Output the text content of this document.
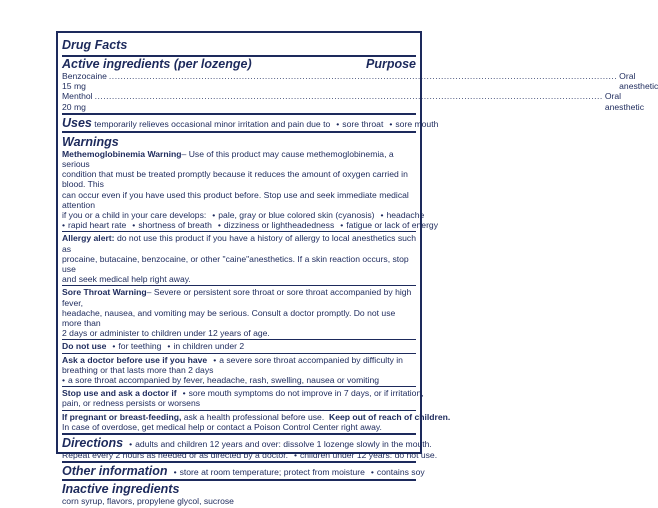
Drug Facts
Active ingredients (per lozenge)	Purpose
Benzocaine 15 mg
................................................................................................................................................................................ Oral anesthetic
Menthol 20 mg
................................................................................................................................................................................ Oral anesthetic
Uses temporarily relieves occasional minor irritation and pain due to • sore throat • sore mouth
Warnings
Methemoglobinemia Warning– Use of this product may cause methemoglobinemia, a serious
condition that must be treated promptly because it reduces the amount of oxygen carried in blood. This
can occur even if you have used this product before. Stop use and seek immediate medical attention
if you or a child in your care develops: • pale, gray or blue colored skin (cyanosis) • headache
• rapid heart rate • shortness of breath • dizziness or lightheadedness • fatigue or lack of energy
Allergy alert: do not use this product if you have a history of allergy to local anesthetics such as
procaine, butacaine, benzocaine, or other "caine"anesthetics. If a skin reaction occurs, stop use
and seek medical help right away.
Sore Throat Warning– Severe or persistent sore throat or sore throat accompanied by high fever,
headache, nausea, and vomiting may be serious. Consult a doctor promptly. Do not use more than
2 days or administer to children under 12 years of age.
Do not use • for teething • in children under 2
Ask a doctor before use if you have • a severe sore throat accompanied by difficulty in
breathing or that lasts more than 2 days
• a sore throat accompanied by fever, headache, rash, swelling, nausea or vomiting
Stop use and ask a doctor if • sore mouth symptoms do not improve in 7 days, or if irritation,
pain, or redness persists or worsens
If pregnant or breast-feeding, ask a health professional before use. Keep out of reach of children.
In case of overdose, get medical help or contact a Poison Control Center right away.
Directions • adults and children 12 years and over: dissolve 1 lozenge slowly in the mouth.
Repeat every 2 hours as needed or as directed by a doctor. • children under 12 years: do not use.
Other information • store at room temperature; protect from moisture • contains soy
Inactive ingredients
corn syrup, flavors, propylene glycol, sucrose
